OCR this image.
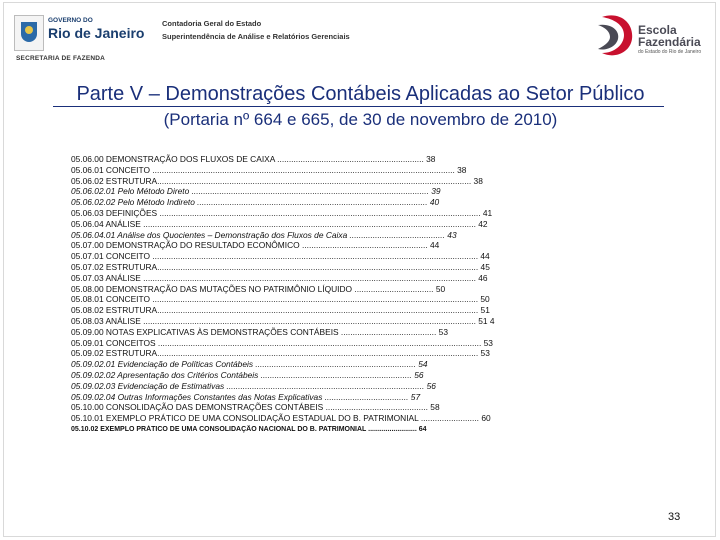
GOVERNO DO
Rio de Janeiro
SECRETARIA DE FAZENDA
Contadoria Geral do Estado
Superintendência de Análise e Relatórios Gerenciais	Escola
Fazendária
do Estado do Rio de Janeiro
Parte V – Demonstrações Contábeis Aplicadas ao Setor Público
(Portaria nº 664 e 665, de 30 de novembro de 2010)
05.06.00 DEMONSTRAÇÃO DOS FLUXOS DE CAIXA ............................................................... 38
05.06.01 CONCEITO .................................................................................................................................. 38
05.06.02 ESTRUTURA....................................................................................................................................... 38
05.06.02.01 Pelo Método Direto ...................................................................................................... 39
05.06.02.02 Pelo Método Indireto ................................................................................................... 40
05.06.03 DEFINIÇÕES .......................................................................................................................................... 41
05.06.04 ANÁLISE ............................................................................................................................................... 42
05.06.04.01 Análise dos Quocientes – Demonstração dos Fluxos de Caixa ......................................... 43
05.07.00 DEMONSTRAÇÃO DO RESULTADO ECONÔMICO ...................................................... 44
05.07.01 CONCEITO ............................................................................................................................................ 44
05.07.02 ESTRUTURA.......................................................................................................................................... 45
05.07.03 ANÁLISE ............................................................................................................................................... 46
05.08.00 DEMONSTRAÇÃO DAS MUTAÇÕES NO PATRIMÔNIO LÍQUIDO .................................. 50
05.08.01 CONCEITO ............................................................................................................................................ 50
05.08.02 ESTRUTURA.......................................................................................................................................... 51
05.08.03 ANÁLISE ............................................................................................................................................... 51 4
05.09.00 NOTAS EXPLICATIVAS ÀS DEMONSTRAÇÕES CONTÁBEIS ......................................... 53
05.09.01 CONCEITOS ........................................................................................................................................... 53
05.09.02 ESTRUTURA.......................................................................................................................................... 53
05.09.02.01 Evidenciação de Políticas Contábeis ..................................................................... 54
05.09.02.02 Apresentação dos Critérios Contábeis ................................................................. 56
05.09.02.03 Evidenciação de Estimativas ..................................................................................... 56
05.09.02.04 Outras Informações Constantes das Notas Explicativas .................................... 57
05.10.00 CONSOLIDAÇÃO DAS DEMONSTRAÇÕES CONTÁBEIS ............................................ 58
05.10.01 EXEMPLO PRÁTICO DE UMA CONSOLIDAÇÃO ESTADUAL DO B. PATRIMONIAL ......................... 60
05.10.02 EXEMPLO PRÁTICO DE UMA CONSOLIDAÇÃO NACIONAL DO B. PATRIMONIAL ......................... 64
33
